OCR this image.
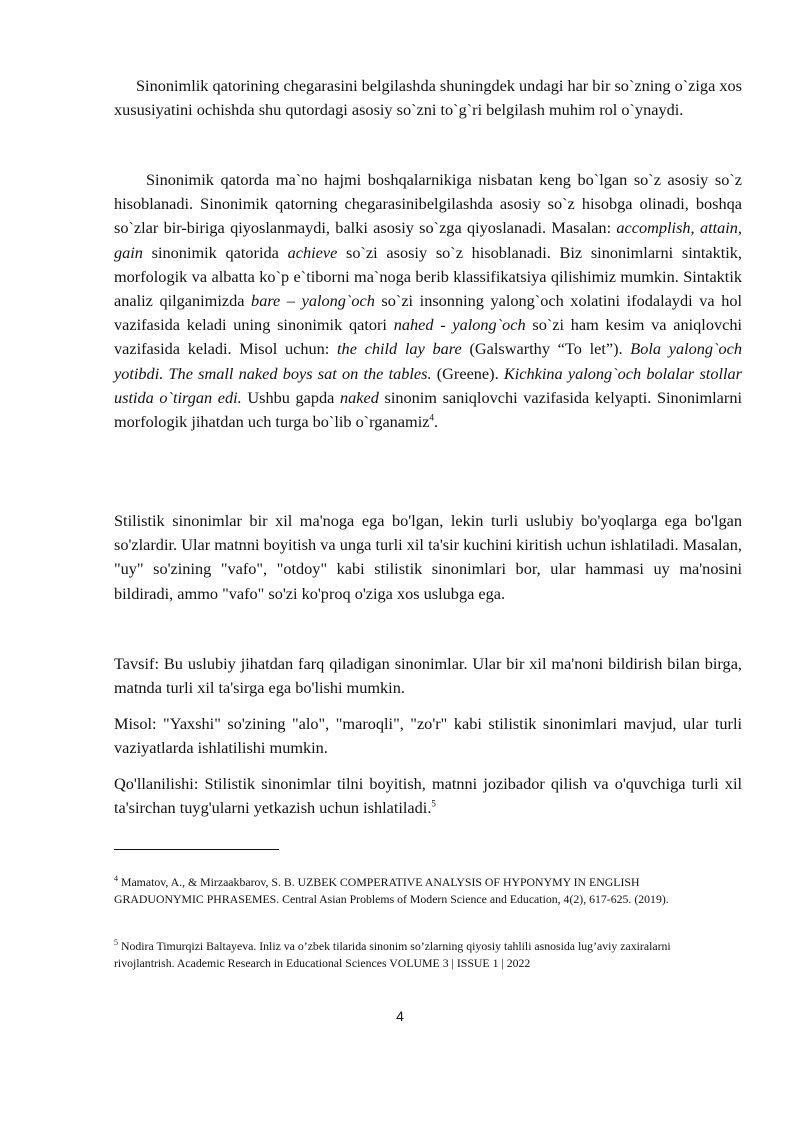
Sinonimlik qatorining chegarasini belgilashda shuningdek undagi har bir so`zning o`ziga xos xususiyatini ochishda shu qutordagi asosiy so`zni to`g`ri belgilash muhim rol o`ynaydi.

Sinonimik qatorda ma`no hajmi boshqalarnikiga nisbatan keng bo`lgan so`z asosiy so`z hisoblanadi. Sinonimik qatorning chegarasinibelgilashda asosiy so`z hisobga olinadi, boshqa so`zlar bir-biriga qiyoslanmaydi, balki asosiy so`zga qiyoslanadi. Masalan: accomplish, attain, gain sinonimik qatorida achieve so`zi asosiy so`z hisoblanadi. Biz sinonimlarni sintaktik, morfologik va albatta ko`p e`tiborni ma`noga berib klassifikatsiya qilishimiz mumkin. Sintaktik analiz qilganimizda bare – yalong`och so`zi insonning yalong`och xolatini ifodalaydi va hol vazifasida keladi uning sinonimik qatori nahed - yalong`och so`zi ham kesim va aniqlovchi vazifasida keladi. Misol uchun: the child lay bare (Galswarthy “To let”). Bola yalong`och yotibdi. The small naked boys sat on the tables. (Greene). Kichkina yalong`och bolalar stollar ustida o`tirgan edi. Ushbu gapda naked sinonim saniqlovchi vazifasida kelyapti. Sinonimlarni morfologik jihatdan uch turga bo`lib o`rganamiz$^4$.

Stilistik sinonimlar bir xil ma'noga ega bo'lgan, lekin turli uslubiy bo'yoqlarga ega bo'lgan so'zlardir. Ular matnni boyitish va unga turli xil ta'sir kuchini kiritish uchun ishlatiladi. Masalan, "uy" so'zining "vafo", "otdoy" kabi stilistik sinonimlari bor, ular hammasi uy ma'nosini bildiradi, ammo "vafo" so'zi ko'proq o'ziga xos uslubga ega.

Tavsif: Bu uslubiy jihatdan farq qiladigan sinonimlar. Ular bir xil ma'noni bildirish bilan birga, matnda turli xil ta'sirga ega bo'lishi mumkin.

Misol: "Yaxshi" so'zining "alo", "maroqli", "zo'r" kabi stilistik sinonimlari mavjud, ular turli vaziyatlarda ishlatilishi mumkin.

Qo'llanilishi: Stilistik sinonimlar tilni boyitish, matnni jozibador qilish va o'quvchiga turli xil ta'sirchan tuyg'ularni yetkazish uchun ishlatiladi.$^5$

$^4$ Mamatov, A., & Mirzaakbarov, S. B. UZBEK COMPERATIVE ANALYSIS OF HYPONYMY IN ENGLISH GRADUONYMIC PHRASEMES. Central Asian Problems of Modern Science and Education, 4(2), 617-625. (2019).

$^5$ Nodira Timurqizi Baltayeva. Inliz va o’zbek tilarida sinonim so’zlarning qiyosiy tahlili asnosida lug’aviy zaxiralarni rivojlantrish. Academic Research in Educational Sciences VOLUME 3 | ISSUE 1 | 2022

4
